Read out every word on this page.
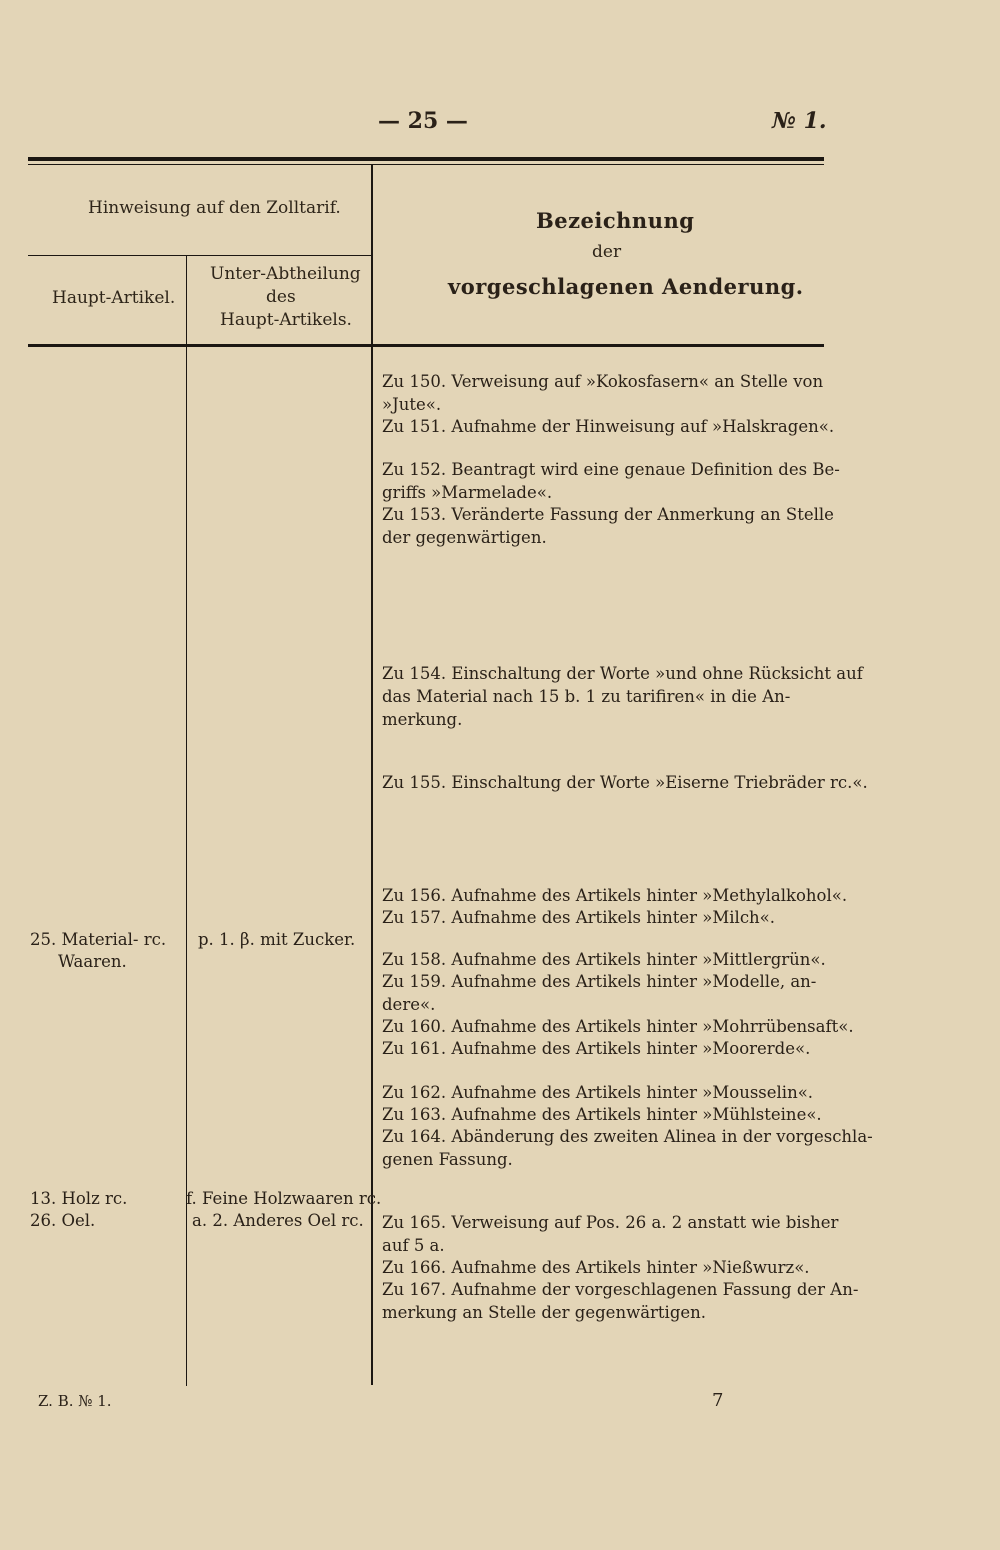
— 25 —	№ 1.
Hinweisung auf den Zolltarif.
Haupt-Artikel.
Unter-Abtheilung
des
Haupt-Artikels.
Bezeichnung
der
vorgeschlagenen Aenderung.
Zu 150. Verweisung auf »Kokosfasern« an Stelle von
»Jute«.
Zu 151. Aufnahme der Hinweisung auf »Halskragen«.
Zu 152. Beantragt wird eine genaue Definition des Be-
griffs »Marmelade«.
Zu 153. Veränderte Fassung der Anmerkung an Stelle
der gegenwärtigen.
Zu 154. Einschaltung der Worte »und ohne Rücksicht auf
das Material nach 15 b. 1 zu tarifiren« in die An-
merkung.
Zu 155. Einschaltung der Worte »Eiserne Triebräder rc.«.
Zu 156. Aufnahme des Artikels hinter »Methylalkohol«.
Zu 157. Aufnahme des Artikels hinter »Milch«.
Zu 158. Aufnahme des Artikels hinter »Mittlergrün«.
Zu 159. Aufnahme des Artikels hinter »Modelle, an-
dere«.
Zu 160. Aufnahme des Artikels hinter »Mohrrübensaft«.
Zu 161. Aufnahme des Artikels hinter »Moorerde«.
Zu 162. Aufnahme des Artikels hinter »Mousselin«.
Zu 163. Aufnahme des Artikels hinter »Mühlsteine«.
Zu 164. Abänderung des zweiten Alinea in der vorgeschla-
genen Fassung.
Zu 165. Verweisung auf Pos. 26 a. 2 anstatt wie bisher
auf 5 a.
Zu 166. Aufnahme des Artikels hinter »Nießwurz«.
Zu 167. Aufnahme der vorgeschlagenen Fassung der An-
merkung an Stelle der gegenwärtigen.
25. Material- rc.
Waaren.
p. 1. β. mit Zucker.
13. Holz rc.
26. Oel.
f. Feine Holzwaaren rc.
a. 2. Anderes Oel rc.
Z. B. № 1.	7
